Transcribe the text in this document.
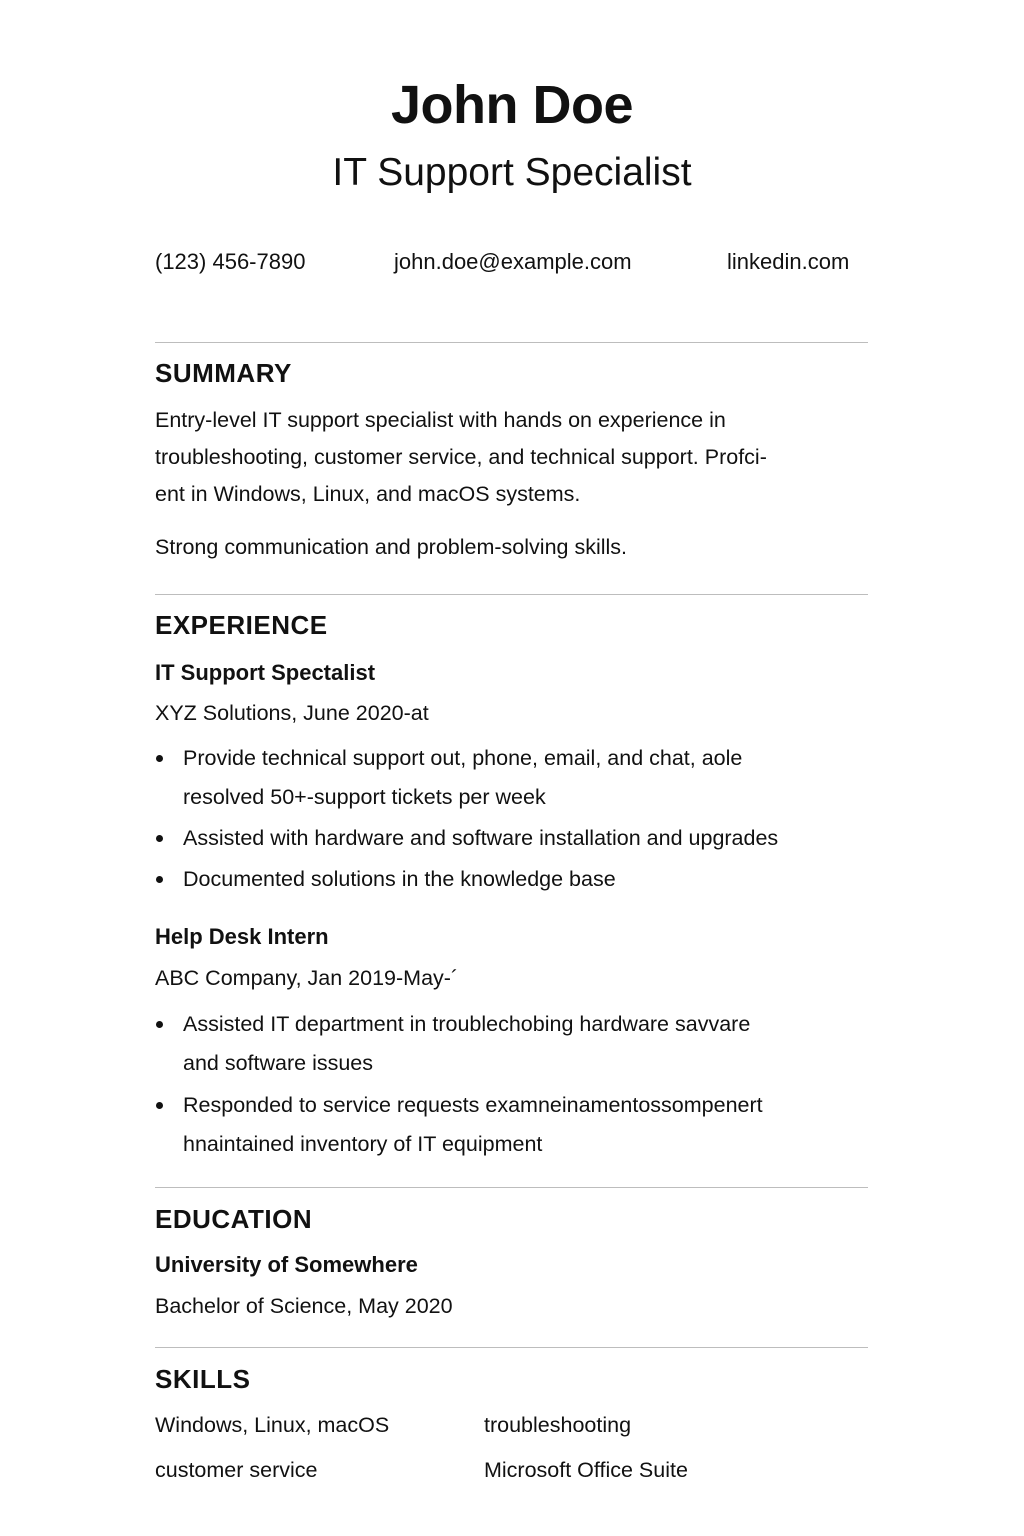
John Doe
IT Support Specialist
(123) 456-7890	john.doe@example.com	linkedin.com
SUMMARY
Entry-level IT support specialist with hands on experience in
troubleshooting, customer service, and technical support. Profci-
ent in Windows, Linux, and macOS systems.
Strong communication and problem-solving skills.
EXPERIENCE
IT Support Spectalist
XYZ Solutions, June 2020-at
Provide technical support out, phone, email, and chat, aole
resolved 50+-support tickets per week
Assisted with hardware and software installation and upgrades
Documented solutions in the knowledge base
Help Desk Intern
ABC Company, Jan 2019-May-´
Assisted IT department in troublechobing hardware savvare
and software issues
Responded to service requests examneinamentossompenert
hnaintained inventory of IT equipment
EDUCATION
University of Somewhere
Bachelor of Science, May 2020
SKILLS
Windows, Linux, macOS	troubleshooting
customer service	Microsoft Office Suite
